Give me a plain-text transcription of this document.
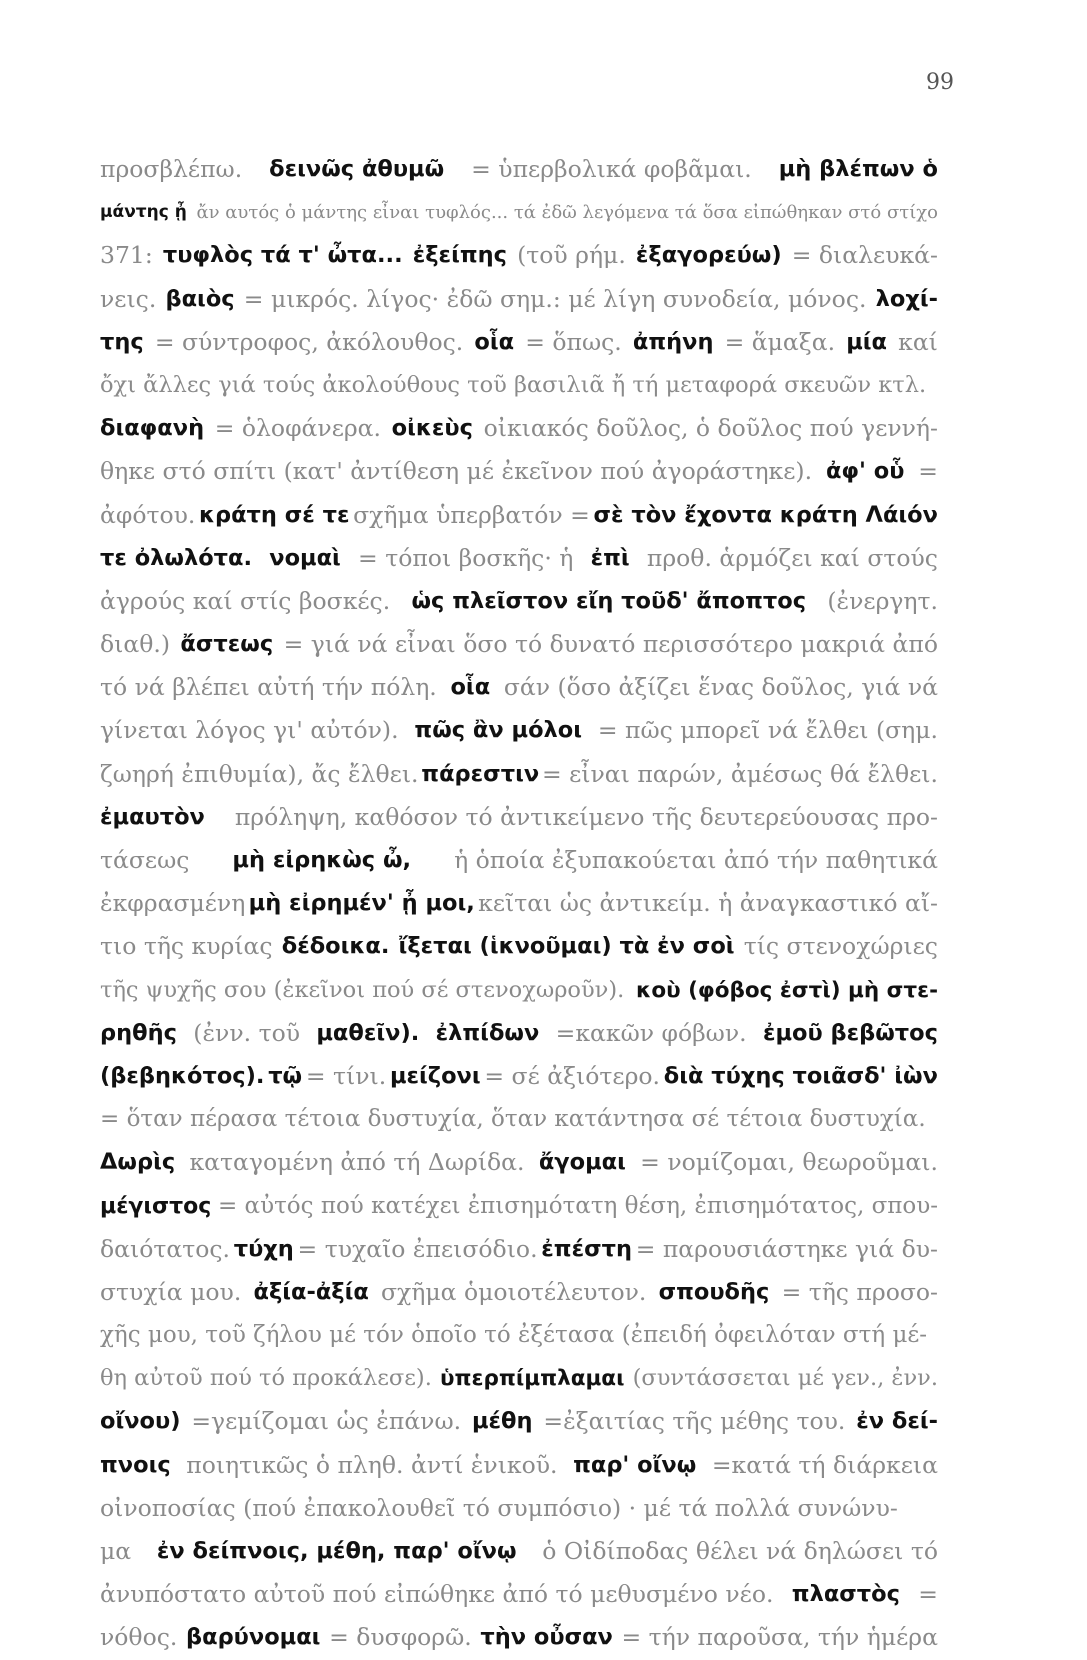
99
προσβλέπω. δεινῶς ἀθυμῶ = ὑπερβολικά φοβᾶμαι. μὴ βλέπων ὁ
μάντης ᾖ ἄν αυτός ὁ μάντης εἶναι τυφλός... τά ἐδῶ λεγόμενα τά ὅσα εἰπώθηκαν στό στίχο
371: τυφλὸς τά τ' ὦτα... ἐξείπης (τοῦ ρήμ. ἐξαγορεύω) = διαλευκά-
νεις. βαιὸς = μικρός. λίγος· ἐδῶ σημ.: μέ λίγη συνοδεία, μόνος. λοχί-
της = σύντροφος, ἀκόλουθος. οἷα = ὅπως. ἀπήνη = ἅμαξα. μία καί
ὄχι ἄλλες γιά τούς ἀκολούθους τοῦ βασιλιᾶ ἤ τή μεταφορά σκευῶν κτλ.
διαφανὴ = ὁλοφάνερα. οἰκεὺς οἰκιακός δοῦλος, ὁ δοῦλος πού γεννή-
θηκε στό σπίτι (κατ' ἀντίθεση μέ ἐκεῖνον πού ἀγοράστηκε). ἀφ' οὗ =
ἀφότου. κράτη σέ τε σχῆμα ὑπερβατόν = σὲ τὸν ἔχοντα κράτη Λάιόν
τε ὀλωλότα. νομαὶ = τόποι βοσκῆς· ἡ ἐπὶ προθ. ἁρμόζει καί στούς
ἀγρούς καί στίς βοσκές. ὡς πλεῖστον εἴη τοῦδ' ἄποπτος (ἐνεργητ.
διαθ.) ἄστεως = γιά νά εἶναι ὅσο τό δυνατό περισσότερο μακριά ἀπό
τό νά βλέπει αὐτή τήν πόλη. οἷα σάν (ὅσο ἀξίζει ἕνας δοῦλος, γιά νά
γίνεται λόγος γι' αὐτόν). πῶς ἂν μόλοι = πῶς μπορεῖ νά ἔλθει (σημ.
ζωηρή ἐπιθυμία), ἄς ἔλθει. πάρεστιν = εἶναι παρών, ἀμέσως θά ἔλθει.
ἐμαυτὸν πρόληψη, καθόσον τό ἀντικείμενο τῆς δευτερεύουσας προ-
τάσεως μὴ εἰρηκὼς ὦ, ἡ ὁποία ἐξυπακούεται ἀπό τήν παθητικά
ἐκφρασμένη μὴ εἰρημέν' ᾖ μοι, κεῖται ὡς ἀντικείμ. ἡ ἀναγκαστικό αἴ-
τιο τῆς κυρίας δέδοικα. ἴξεται (ἱκνοῦμαι) τὰ ἐν σοὶ τίς στενοχώριες
τῆς ψυχῆς σου (ἐκεῖνοι πού σέ στενοχωροῦν). κοὺ (φόβος ἐστὶ) μὴ στε-
ρηθῆς (ἐνν. τοῦ μαθεῖν). ἐλπίδων =κακῶν φόβων. ἐμοῦ βεβῶτος
(βεβηκότος). τῷ = τίνι. μείζονι = σέ ἀξιότερο. διὰ τύχης τοιᾶσδ' ἰὼν
= ὅταν πέρασα τέτοια δυστυχία, ὅταν κατάντησα σέ τέτοια δυστυχία.
Δωρὶς καταγομένη ἀπό τή Δωρίδα. ἄγομαι = νομίζομαι, θεωροῦμαι.
μέγιστος = αὐτός πού κατέχει ἐπισημότατη θέση, ἐπισημότατος, σπου-
δαιότατος. τύχη = τυχαῖο ἐπεισόδιο. ἐπέστη = παρουσιάστηκε γιά δυ-
στυχία μου. ἀξία-ἀξία σχῆμα ὁμοιοτέλευτον. σπουδῆς = τῆς προσο-
χῆς μου, τοῦ ζήλου μέ τόν ὁποῖο τό ἐξέτασα (ἐπειδή ὀφειλόταν στή μέ-
θη αὐτοῦ πού τό προκάλεσε). ὑπερπίμπλαμαι (συντάσσεται μέ γεν., ἐνν.
οἴνου) =γεμίζομαι ὡς ἐπάνω. μέθη =ἐξαιτίας τῆς μέθης του. ἐν δεί-
πνοις ποιητικῶς ὁ πληθ. ἀντί ἑνικοῦ. παρ' οἴνῳ =κατά τή διάρκεια
οἰνοποσίας (πού ἐπακολουθεῖ τό συμπόσιο) · μέ τά πολλά συνώνυ-
μα ἐν δείπνοις, μέθη, παρ' οἴνῳ ὁ Οἰδίποδας θέλει νά δηλώσει τό
ἀνυπόστατο αὐτοῦ πού εἰπώθηκε ἀπό τό μεθυσμένο νέο. πλαστὸς =
νόθος. βαρύνομαι = δυσφορῶ. τὴν οὖσαν = τήν παροῦσα, τήν ἡμέρα
